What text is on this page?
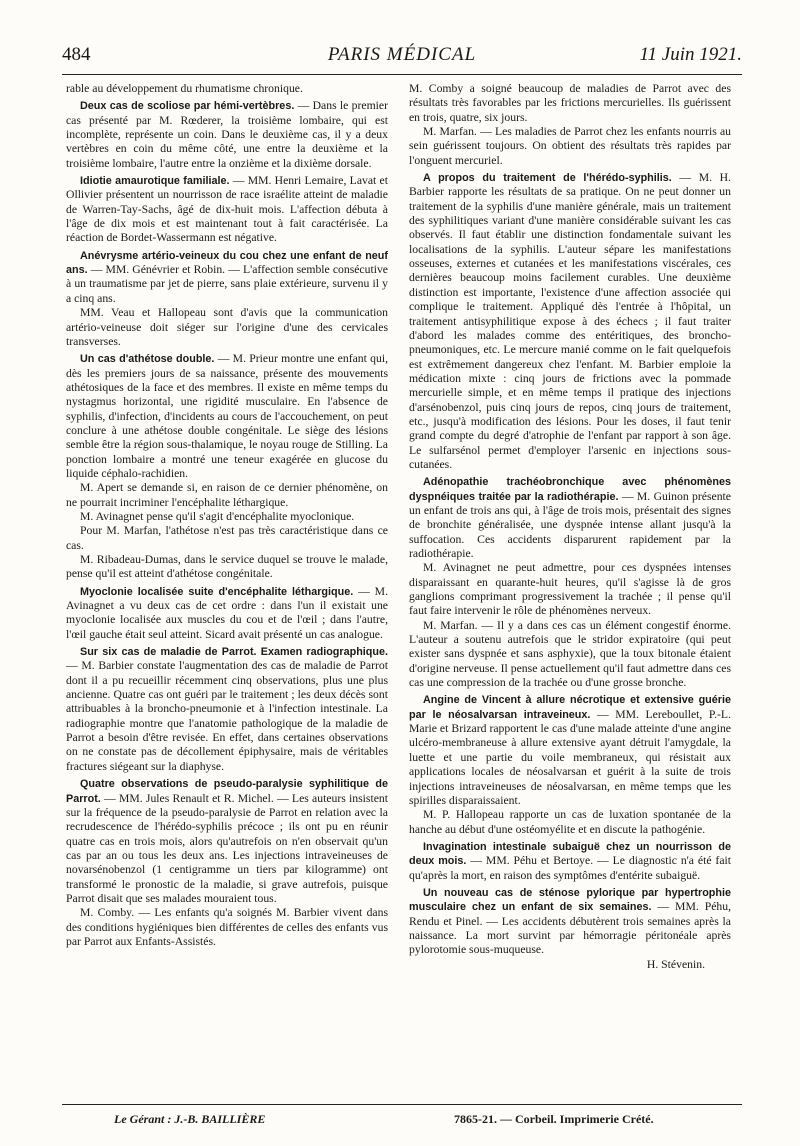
484	PARIS MÉDICAL	11 Juin 1921.

rable au développement du rhumatisme chronique.

Deux cas de scoliose par hémi-vertèbres. — Dans le premier cas présenté par M. Rœderer, la troisième lombaire, qui est incomplète, représente un coin. Dans le deuxième cas, il y a deux vertèbres en coin du même côté, une entre la deuxième et la troisième lombaire, l'autre entre la onzième et la dixième dorsale.

Idiotie amaurotique familiale. — MM. Henri Lemaire, Lavat et Ollivier présentent un nourrisson de race israélite atteint de maladie de Warren-Tay-Sachs, âgé de dix-huit mois. L'affection débuta à l'âge de dix mois et est maintenant tout à fait caractérisée. La réaction de Bordet-Wassermann est négative.

Anévrysme artério-veineux du cou chez une enfant de neuf ans. — MM. Génévrier et Robin. — L'affection semble consécutive à un traumatisme par jet de pierre, sans plaie extérieure, survenu il y a cinq ans.

MM. Veau et Hallopeau sont d'avis que la communication artério-veineuse doit siéger sur l'origine d'une des cervicales transverses.

Un cas d'athétose double. — M. Prieur montre une enfant qui, dès les premiers jours de sa naissance, présente des mouvements athétosiques de la face et des membres. Il existe en même temps du nystagmus horizontal, une rigidité musculaire. En l'absence de syphilis, d'infection, d'incidents au cours de l'accouchement, on peut conclure à une athétose double congénitale. Le siège des lésions semble être la région sous-thalamique, le noyau rouge de Stilling. La ponction lombaire a montré une teneur exagérée en glucose du liquide céphalo-rachidien.

M. Apert se demande si, en raison de ce dernier phénomène, on ne pourrait incriminer l'encéphalite léthargique.

M. Avinagnet pense qu'il s'agit d'encéphalite myoclonique.

Pour M. Marfan, l'athétose n'est pas très caractéristique dans ce cas.

M. Ribadeau-Dumas, dans le service duquel se trouve le malade, pense qu'il est atteint d'athétose congénitale.

Myoclonie localisée suite d'encéphalite léthargique. — M. Avinagnet a vu deux cas de cet ordre : dans l'un il existait une myoclonie localisée aux muscles du cou et de l'œil ; dans l'autre, l'œil gauche était seul atteint. Sicard avait présenté un cas analogue.

Sur six cas de maladie de Parrot. Examen radiographique. — M. Barbier constate l'augmentation des cas de maladie de Parrot dont il a pu recueillir récemment cinq observations, plus une plus ancienne. Quatre cas ont guéri par le traitement ; les deux décès sont attribuables à la broncho-pneumonie et à l'infection intestinale. La radiographie montre que l'anatomie pathologique de la maladie de Parrot a besoin d'être revisée. En effet, dans certaines observations on ne constate pas de décollement épiphysaire, mais de véritables fractures siégeant sur la diaphyse.

Quatre observations de pseudo-paralysie syphilitique de Parrot. — MM. Jules Renault et R. Michel. — Les auteurs insistent sur la fréquence de la pseudo-paralysie de Parrot en relation avec la recrudescence de l'hérédo-syphilis précoce ; ils ont pu en réunir quatre cas en trois mois, alors qu'autrefois on n'en observait qu'un cas par an ou tous les deux ans. Les injections intraveineuses de novarsénobenzol (1 centigramme un tiers par kilogramme) ont transformé le pronostic de la maladie, si grave autrefois, puisque Parrot disait que ses malades mouraient tous.

M. Comby. — Les enfants qu'a soignés M. Barbier vivent dans des conditions hygiéniques bien différentes de celles des enfants vus par Parrot aux Enfants-Assistés.

M. Comby a soigné beaucoup de maladies de Parrot avec des résultats très favorables par les frictions mercurielles. Ils guérissent en trois, quatre, six jours.

M. Marfan. — Les maladies de Parrot chez les enfants nourris au sein guérissent toujours. On obtient des résultats très rapides par l'onguent mercuriel.

A propos du traitement de l'hérédo-syphilis. — M. H. Barbier rapporte les résultats de sa pratique. On ne peut donner un traitement de la syphilis d'une manière générale, mais un traitement des syphilitiques variant d'une manière considérable suivant les cas observés. Il faut établir une distinction fondamentale suivant les localisations de la syphilis. L'auteur sépare les manifestations osseuses, externes et cutanées et les manifestations viscérales, ces dernières beaucoup moins facilement curables. Une deuxième distinction est importante, l'existence d'une affection associée qui complique le traitement. Appliqué dès l'entrée à l'hôpital, un traitement antisyphilitique expose à des échecs ; il faut traiter d'abord les malades comme des entéritiques, des broncho-pneumoniques, etc. Le mercure manié comme on le fait quelquefois est extrêmement dangereux chez l'enfant. M. Barbier emploie la médication mixte : cinq jours de frictions avec la pommade mercurielle simple, et en même temps il pratique des injections d'arsénobenzol, puis cinq jours de repos, cinq jours de traitement, etc., jusqu'à modification des lésions. Pour les doses, il faut tenir grand compte du degré d'atrophie de l'enfant par rapport à son âge. Le sulfarsénol permet d'employer l'arsenic en injections sous-cutanées.

Adénopathie trachéobronchique avec phénomènes dyspnéiques traitée par la radiothérapie. — M. Guinon présente un enfant de trois ans qui, à l'âge de trois mois, présentait des signes de bronchite généralisée, une dyspnée intense allant jusqu'à la suffocation. Ces accidents disparurent rapidement par la radiothérapie.

M. Avinagnet ne peut admettre, pour ces dyspnées intenses disparaissant en quarante-huit heures, qu'il s'agisse là de gros ganglions comprimant progressivement la trachée ; il pense qu'il faut faire intervenir le rôle de phénomènes nerveux.

M. Marfan. — Il y a dans ces cas un élément congestif énorme. L'auteur a soutenu autrefois que le stridor expiratoire (qui peut exister sans dyspnée et sans asphyxie), que la toux bitonale étaient d'origine nerveuse. Il pense actuellement qu'il faut admettre dans ces cas une compression de la trachée ou d'une grosse bronche.

Angine de Vincent à allure nécrotique et extensive guérie par le néosalvarsan intraveineux. — MM. Lereboullet, P.-L. Marie et Brizard rapportent le cas d'une malade atteinte d'une angine ulcéro-membraneuse à allure extensive ayant détruit l'amygdale, la luette et une partie du voile membraneux, qui résistait aux applications locales de néosalvarsan et guérit à la suite de trois injections intraveineuses de néosalvarsan, en même temps que les spirilles disparaissaient.

M. P. Hallopeau rapporte un cas de luxation spontanée de la hanche au début d'une ostéomyélite et en discute la pathogénie.

Invagination intestinale subaiguë chez un nourrisson de deux mois. — MM. Péhu et Bertoye. — Le diagnostic n'a été fait qu'après la mort, en raison des symptômes d'entérite subaiguë.

Un nouveau cas de sténose pylorique par hypertrophie musculaire chez un enfant de six semaines. — MM. Péhu, Rendu et Pinel. — Les accidents débutèrent trois semaines après la naissance. La mort survint par hémorragie péritonéale après pylorotomie sous-muqueuse.

H. Stévenin.

Le Gérant : J.-B. BAILLIÈRE	7865-21. — Corbeil. Imprimerie Crété.
